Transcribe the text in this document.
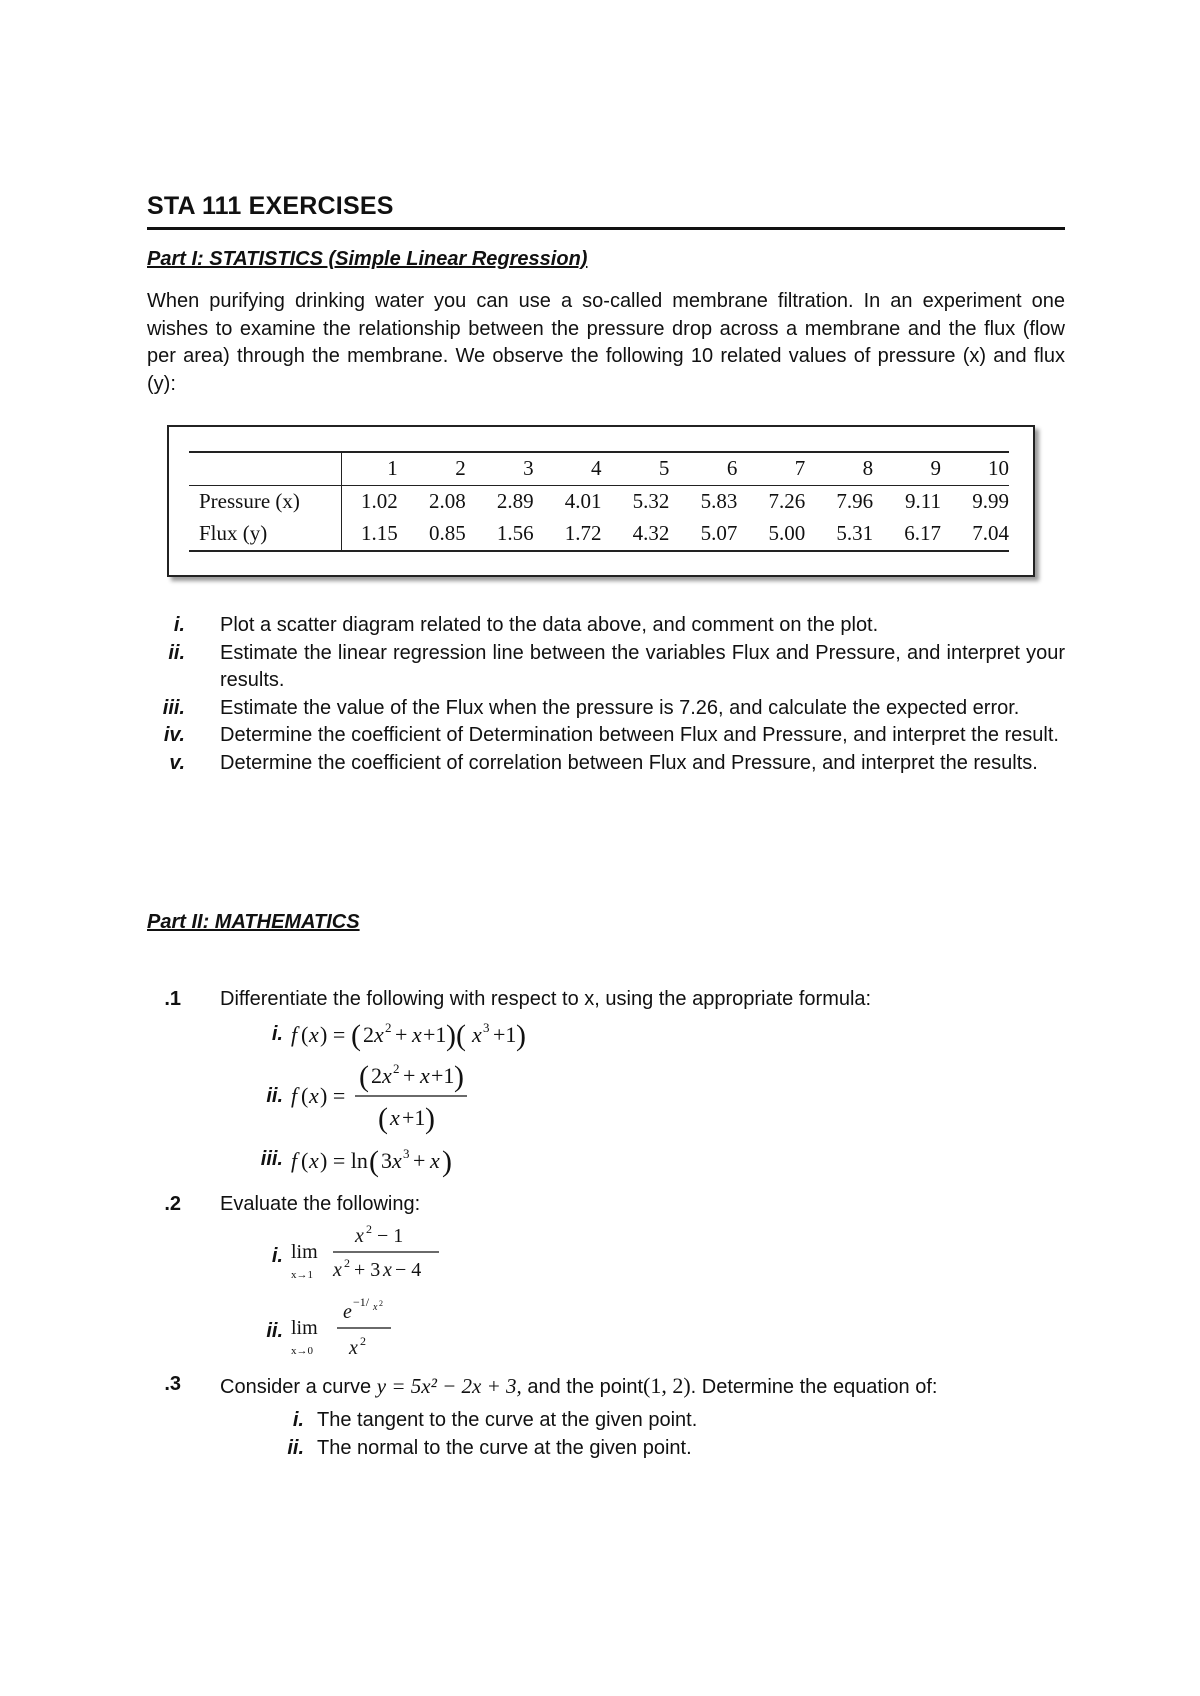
STA 111 EXERCISES
Part I: STATISTICS (Simple Linear Regression)
When purifying drinking water you can use a so-called membrane filtration. In an experiment one wishes to examine the relationship between the pressure drop across a membrane and the flux (flow per area) through the membrane. We observe the following 10 related values of pressure (x) and flux (y):
	1	2	3	4	5	6	7	8	9	10
Pressure (x)	1.02	2.08	2.89	4.01	5.32	5.83	7.26	7.96	9.11	9.99
Flux (y)	1.15	0.85	1.56	1.72	4.32	5.07	5.00	5.31	6.17	7.04
i. Plot a scatter diagram related to the data above, and comment on the plot.
ii. Estimate the linear regression line between the variables Flux and Pressure, and interpret your results.
iii. Estimate the value of the Flux when the pressure is 7.26, and calculate the expected error.
iv. Determine the coefficient of Determination between Flux and Pressure, and interpret the result.
v. Determine the coefficient of correlation between Flux and Pressure, and interpret the results.
Part II: MATHEMATICS
1. Differentiate the following with respect to x, using the appropriate formula:
i. f ( x ) = ( 2 x 2 + x +1 )( x 3 +1 )
ii. f ( x ) =
( 2 x 2 + x +1 )
( x +1 )
iii. f ( x ) = ln ( 3 x 3 + x )
2. Evaluate the following:
i. lim
x→1
x 2 − 1
x 2 + 3 x − 4
ii. lim
x→0
e −1/ x 2
x 2
3. Consider a curve y = 5x² − 2x + 3, and the point(1, 2). Determine the equation of:
i. The tangent to the curve at the given point.
ii. The normal to the curve at the given point.
